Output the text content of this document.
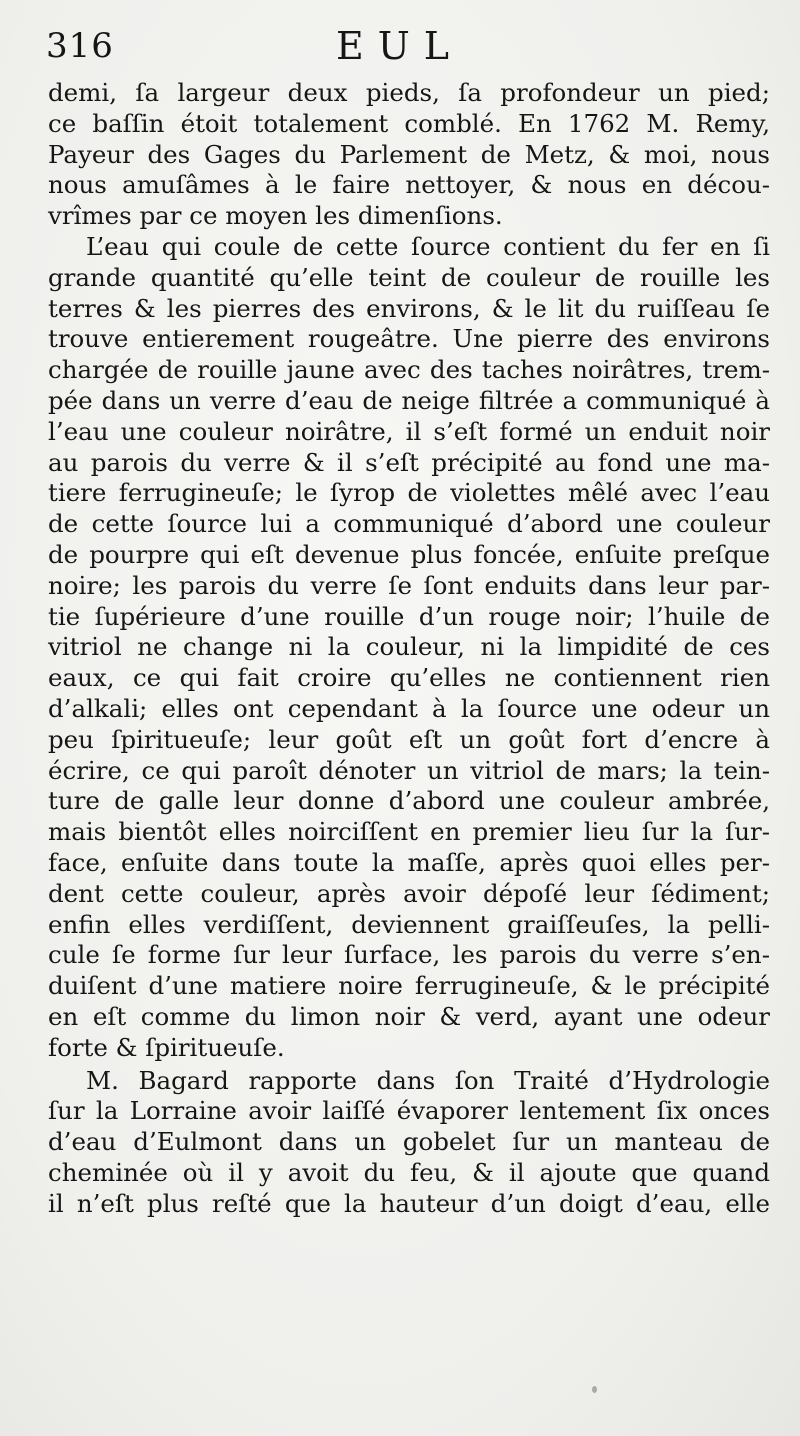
316	EUL
demi, ſa largeur deux pieds, ſa profondeur un pied;
ce baſſin étoit totalement comblé. En 1762 M. Remy,
Payeur des Gages du Parlement de Metz, & moi, nous
nous amuſâmes à le faire nettoyer, & nous en décou-
vrîmes par ce moyen les dimenſions.
L’eau qui coule de cette ſource contient du fer en ſi
grande quantité qu’elle teint de couleur de rouille les
terres & les pierres des environs, & le lit du ruiſſeau ſe
trouve entierement rougeâtre. Une pierre des environs
chargée de rouille jaune avec des taches noirâtres, trem-
pée dans un verre d’eau de neige filtrée a communiqué à
l’eau une couleur noirâtre, il s’eſt formé un enduit noir
au parois du verre & il s’eſt précipité au fond une ma-
tiere ferrugineuſe; le ſyrop de violettes mêlé avec l’eau
de cette ſource lui a communiqué d’abord une couleur
de pourpre qui eſt devenue plus foncée, enſuite preſque
noire; les parois du verre ſe ſont enduits dans leur par-
tie ſupérieure d’une rouille d’un rouge noir; l’huile de
vitriol ne change ni la couleur, ni la limpidité de ces
eaux, ce qui fait croire qu’elles ne contiennent rien
d’alkali; elles ont cependant à la ſource une odeur un
peu ſpiritueuſe; leur goût eſt un goût fort d’encre à
écrire, ce qui paroît dénoter un vitriol de mars; la tein-
ture de galle leur donne d’abord une couleur ambrée,
mais bientôt elles noirciſſent en premier lieu ſur la ſur-
face, enſuite dans toute la maſſe, après quoi elles per-
dent cette couleur, après avoir dépoſé leur ſédiment;
enfin elles verdiſſent, deviennent graiſſeuſes, la pelli-
cule ſe forme ſur leur ſurface, les parois du verre s’en-
duiſent d’une matiere noire ferrugineuſe, & le précipité
en eſt comme du limon noir & verd, ayant une odeur
forte & ſpiritueuſe.
M. Bagard rapporte dans ſon Traité d’Hydrologie
ſur la Lorraine avoir laiſſé évaporer lentement ſix onces
d’eau d’Eulmont dans un gobelet ſur un manteau de
cheminée où il y avoit du feu, & il ajoute que quand
il n’eſt plus reſté que la hauteur d’un doigt d’eau, elle
